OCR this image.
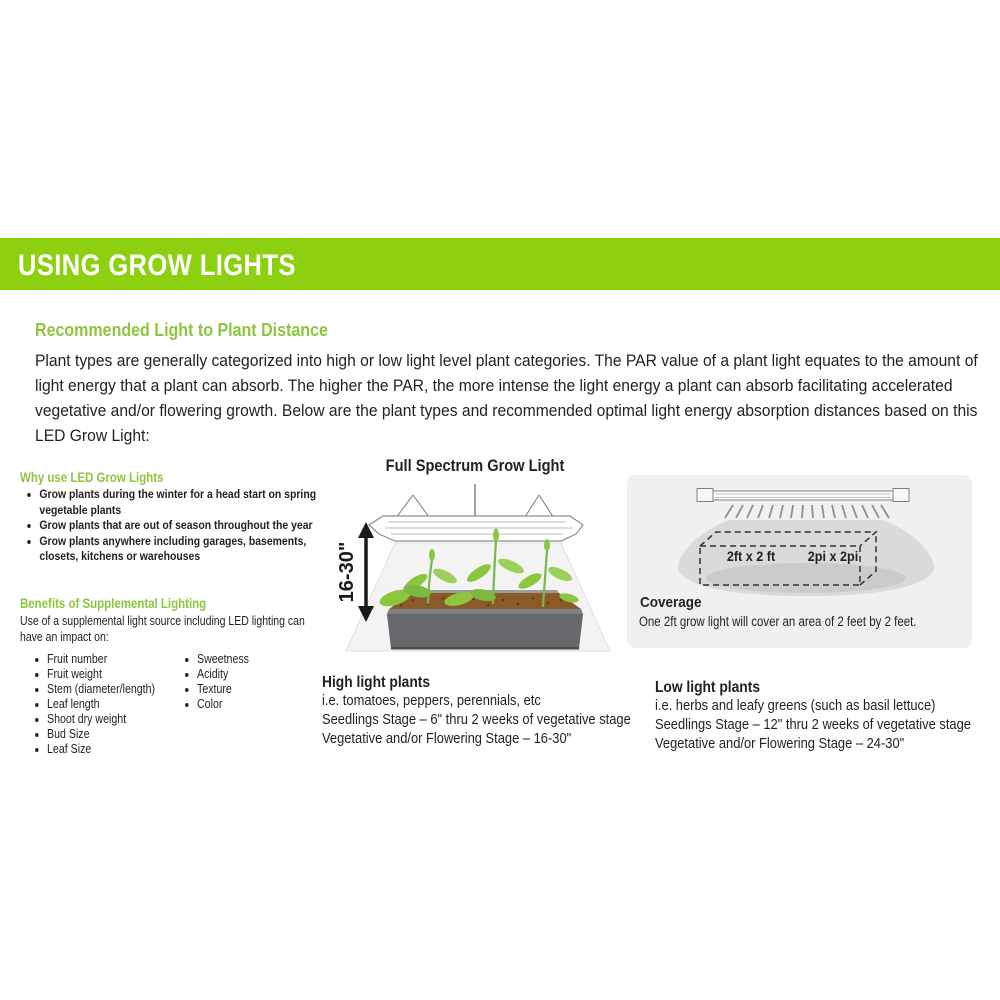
USING GROW LIGHTS
Recommended Light to Plant Distance
Plant types are generally categorized into high or low light level plant categories. The PAR value of a plant light equates to the amount of light energy that a plant can absorb. The higher the PAR, the more intense the light energy a plant can absorb facilitating accelerated vegetative and/or flowering growth. Below are the plant types and recommended optimal light energy absorption distances based on this LED Grow Light:
Why use LED Grow Lights
• Grow plants during the winter for a head start on spring vegetable plants
• Grow plants that are out of season throughout the year
• Grow plants anywhere including garages, basements, closets, kitchens or warehouses
Benefits of Supplemental Lighting
Use of a supplemental light source including LED lighting can have an impact on:
• Fruit number
• Fruit weight
• Stem (diameter/length)
• Leaf length
• Shoot dry weight
• Bud Size
• Leaf Size
• Sweetness
• Acidity
• Texture
• Color
Full Spectrum Grow Light
16-30"	2ft x 2 ft	2pi x 2pi
Coverage
One 2ft grow light will cover an area of 2 feet by 2 feet.
High light plants
i.e. tomatoes, peppers, perennials, etc
Seedlings Stage – 6" thru 2 weeks of vegetative stage
Vegetative and/or Flowering Stage – 16-30"
Low light plants
i.e. herbs and leafy greens (such as basil lettuce)
Seedlings Stage – 12" thru 2 weeks of vegetative stage
Vegetative and/or Flowering Stage – 24-30"
